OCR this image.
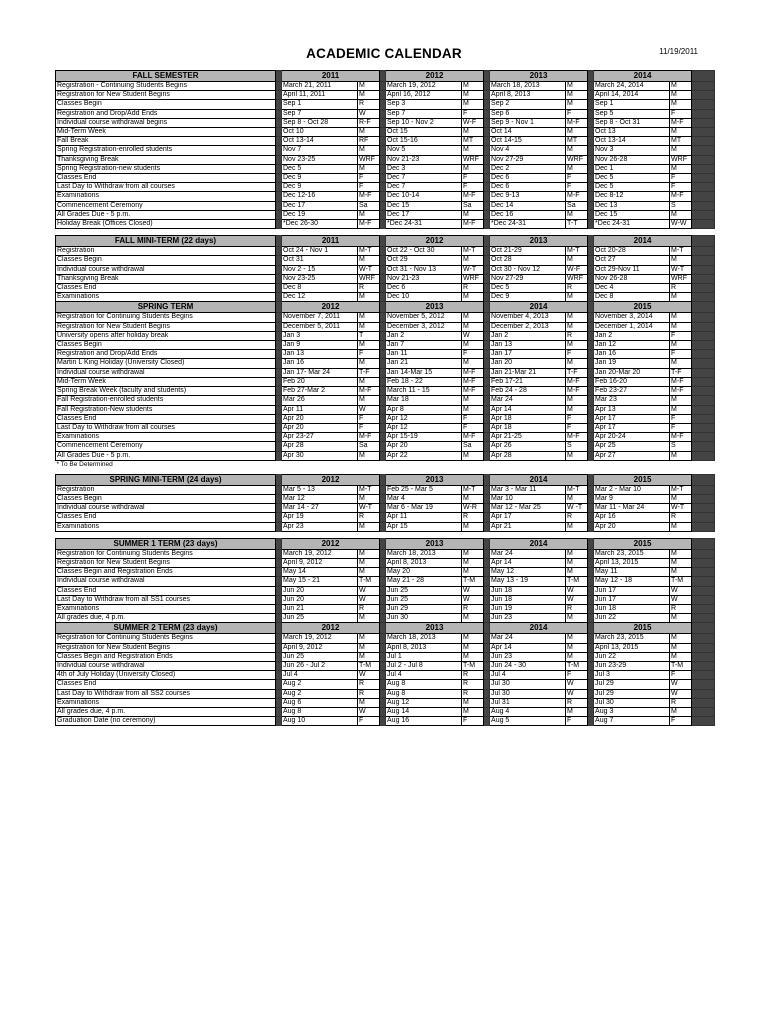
ACADEMIC CALENDAR	11/19/2011
FALL SEMESTER		2011			2012			2013			2014		
Registration - Continuing Students Begins		March 21, 2011	M		March 19, 2012	M		March 18, 2013	M		March 24, 2014	M	
Registration for New Student Begins		April 11, 2011	M		April 16, 2012	M		April 8, 2013	M		April 14, 2014	M	
Classes Begin		Sep 1	R		Sep 3	M		Sep 2	M		Sep 1	M	
Registration and Drop/Add Ends		Sep 7	W		Sep 7	F		Sep 6	F		Sep 5	F	
Individual course withdrawal begins		Sep 8 - Oct 28	R-F		Sep 10 - Nov 2	W-F		Sep 9 - Nov 1	M-F		Sep 8 - Oct 31	M-F	
Mid-Term Week		Oct 10	M		Oct 15	M		Oct 14	M		Oct 13	M	
Fall Break		Oct 13-14	RF		Oct 15-16	MT		Oct 14-15	MT		Oct 13-14	MT	
Spring Registration-enrolled students		Nov 7	M		Nov 5	M		Nov 4	M		Nov 3	M	
Thanksgiving Break		Nov 23-25	WRF		Nov 21-23	WRF		Nov 27-29	WRF		Nov 26-28	WRF	
Spring Registration-new students		Dec 5	M		Dec 3	M		Dec 2	M		Dec 1	M	
Classes End		Dec 9	F		Dec 7	F		Dec 6	F		Dec 5	F	
Last Day to Withdraw from all courses		Dec 9	F		Dec 7	F		Dec 6	F		Dec 5	F	
Examinations		Dec 12-16	M-F		Dec 10-14	M-F		Dec 9-13	M-F		Dec 8-12	M-F	
Commencement Ceremony		Dec 17	Sa		Dec 15	Sa		Dec 14	Sa		Dec 13	S	
All Grades Due - 5 p.m.		Dec 19	M		Dec 17	M		Dec 16	M		Dec 15	M	
Holiday Break (Offices Closed)		*Dec 26-30	M-F		*Dec 24-31	M-F		*Dec 24-31	T-T		*Dec 24-31	W-W	

FALL MINI-TERM (22 days)		2011			2012			2013			2014		
Registration		Oct 24 - Nov 1	M-T		Oct 22 - Oct 30	M-T		Oct 21-29	M-T		Oct 20-28	M-T	
Classes Begin		Oct 31	M		Oct 29	M		Oct 28	M		Oct 27	M	
Individual course withdrawal		Nov 2 - 15	W-T		Oct 31 - Nov 13	W-T		Oct 30 - Nov 12	W-F		Oct 29-Nov 11	W-T	
Thanksgiving Break		Nov 23-25	WRF		Nov 21-23	WRF		Nov 27-29	WRF		Nov 26-28	WRF	
Classes End		Dec 8	R		Dec 6	R		Dec 5	R		Dec 4	R	
Examinations		Dec 12	M		Dec 10	M		Dec 9	M		Dec 8	M	
SPRING TERM		2012			2013			2014			2015		
Registration for Continuing Students Begins		November 7, 2011	M		November 5, 2012	M		November 4, 2013	M		November 3, 2014	M	
Registration for New Student Begins		December 5, 2011	M		December 3, 2012	M		December 2, 2013	M		December 1, 2014	M	
University opens after holiday break		Jan 3	T		Jan 2	W		Jan 2	R		Jan 2	F	
Classes Begin		Jan 9	M		Jan 7	M		Jan 13	M		Jan 12	M	
Registration and Drop/Add Ends		Jan 13	F		Jan 11	F		Jan 17	F		Jan 16	F	
Martin L King Holiday (University Closed)		Jan 16	M		Jan 21	M		Jan 20	M		Jan 19	M	
Individual course withdrawal		Jan 17- Mar 24	T-F		Jan 14-Mar 15	M-F		Jan 21-Mar 21	T-F		Jan 20-Mar 20	T-F	
Mid-Term Week		Feb 20	M		Feb 18 - 22	M-F		Feb 17-21	M-F		Feb 16-20	M-F	
Spring Break Week (faculty and students)		Feb 27-Mar 2	M-F		March 11 - 15	M-F		Feb 24 - 28	M-F		Feb 23-27	M-F	
Fall Registration-enrolled students		Mar 26	M		Mar 18	M		Mar 24	M		Mar 23	M	
Fall Registration-New students		Apr 11	W		Apr 8	M		Apr 14	M		Apr 13	M	
Classes End		Apr 20	F		Apr 12	F		Apr 18	F		Apr 17	F	
Last Day to Withdraw from all courses		Apr 20	F		Apr 12	F		Apr 18	F		Apr 17	F	
Examinations		Apr 23-27	M-F		Apr 15-19	M-F		Apr 21-25	M-F		Apr 20-24	M-F	
Commencement Ceremony		Apr 28	Sa		Apr 20	Sa		Apr 26	S		Apr 25	S	
All Grades Due - 5 p.m.		Apr 30	M		Apr 22	M		Apr 28	M		Apr 27	M	
* To Be Determined													

SPRING MINI-TERM (24 days)		2012			2013			2014			2015		
Registration		Mar 5 - 13	M-T		Feb 25 - Mar 5	M-T		Mar 3 - Mar 11	M-T		Mar 2 - Mar 10	M-T	
Classes Begin		Mar 12	M		Mar 4	M		Mar 10	M		Mar 9	M	
Individual course withdrawal		Mar 14 - 27	W-T		Mar 6 - Mar 19	W-R		Mar 12 - Mar 25	W -T		Mar 11 - Mar 24	W-T	
Classes End		Apr 19	R		Apr 11	R		Apr 17	R		Apr 16	R	
Examinations		Apr 23	M		Apr 15	M		Apr 21	M		Apr 20	M	

SUMMER 1 TERM (23 days)		2012			2013			2014			2015		
Registration for Continuing Students Begins		March 19, 2012	M		March 18, 2013	M		Mar 24	M		March 23, 2015	M	
Registration for New Student Begins		April 9, 2012	M		April 8, 2013	M		Apr 14	M		April 13, 2015	M	
Classes Begin and Registration Ends		May 14	M		May 20	M		May 12	M		May 11	M	
Individual course withdrawal		May 15 - 21	T-M		May 21 - 28	T-M		May 13 - 19	T-M		May 12 - 18	T-M	
Classes End		Jun 20	W		Jun 25	W		Jun 18	W		Jun 17	W	
Last Day to Withdraw from all SS1 courses		Jun 20	W		Jun 25	W		Jun 18	W		Jun 17	W	
Examinations		Jun 21	R		Jun 29	R		Jun 19	R		Jun 18	R	
All grades due, 4 p.m.		Jun 25	M		Jun 30	M		Jun 23	M		Jun 22	M	
SUMMER 2 TERM (23 days)		2012			2013			2014			2015		
Registration for Continuing Students Begins		March 19, 2012	M		March 18, 2013	M		Mar 24	M		March 23, 2015	M	
Registration for New Student Begins		April 9, 2012	M		April 8, 2013	M		Apr 14	M		April 13, 2015	M	
Classes Begin and Registration Ends		Jun 25	M		Jul 1	M		Jun 23	M		Jun 22	M	
Individual course withdrawal		Jun 26 - Jul 2	T-M		Jul 2 - Jul 8	T-M		Jun 24 - 30	T-M		Jun 23-29	T-M	
4th of July Holiday (University Closed)		Jul 4	W		Jul 4	R		Jul 4	F		Jul 3	F	
Classes End		Aug 2	R		Aug 8	R		Jul 30	W		Jul 29	W	
Last Day to Withdraw from all SS2 courses		Aug 2	R		Aug 8	R		Jul 30	W		Jul 29	W	
Examinations		Aug 6	M		Aug 12	M		Jul 31	R		Jul 30	R	
All grades due, 4 p.m.		Aug 8	W		Aug 14	M		Aug 4	M		Aug 3	M	
Graduation Date (no ceremony)		Aug 10	F		Aug 16	F		Aug 5	F		Aug 7	F	
